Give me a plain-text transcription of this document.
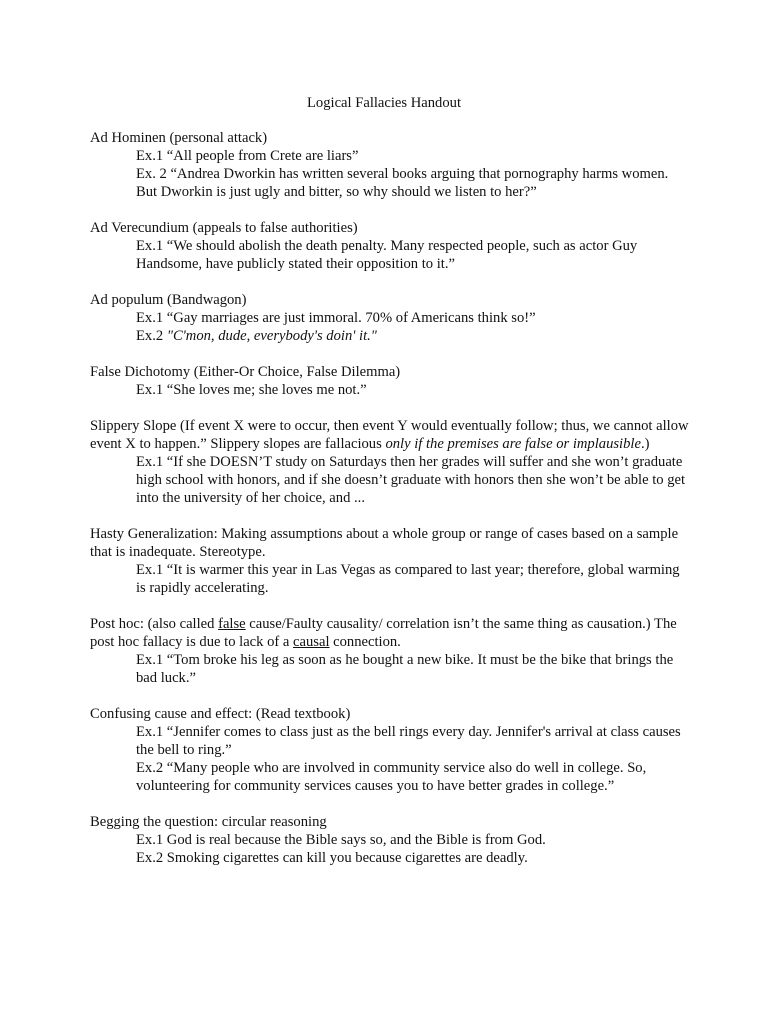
Logical Fallacies Handout
Ad Hominen (personal attack)
Ex.1 “All people from Crete are liars”
Ex. 2 “Andrea Dworkin has written several books arguing that pornography harms women. But Dworkin is just ugly and bitter, so why should we listen to her?”
Ad Verecundium (appeals to false authorities)
Ex.1 “We should abolish the death penalty. Many respected people, such as actor Guy Handsome, have publicly stated their opposition to it.”
Ad populum (Bandwagon)
Ex.1 “Gay marriages are just immoral. 70% of Americans think so!”
Ex.2 "C'mon, dude, everybody's doin' it."
False Dichotomy (Either-Or Choice, False Dilemma)
Ex.1 “She loves me; she loves me not.”
Slippery Slope (If event X were to occur, then event Y would eventually follow; thus, we cannot allow event X to happen.” Slippery slopes are fallacious only if the premises are false or implausible.)
Ex.1 “If she DOESN’T study on Saturdays then her grades will suffer and she won’t graduate high school with honors, and if she doesn’t graduate with honors then she won’t be able to get into the university of her choice, and ...
Hasty Generalization: Making assumptions about a whole group or range of cases based on a sample that is inadequate. Stereotype.
Ex.1 “It is warmer this year in Las Vegas as compared to last year; therefore, global warming is rapidly accelerating.
Post hoc: (also called false cause/Faulty causality/ correlation isn’t the same thing as causation.) The post hoc fallacy is due to lack of a causal connection.
Ex.1 “Tom broke his leg as soon as he bought a new bike. It must be the bike that brings the bad luck.”
Confusing cause and effect: (Read textbook)
Ex.1 “Jennifer comes to class just as the bell rings every day. Jennifer's arrival at class causes the bell to ring.”
Ex.2 “Many people who are involved in community service also do well in college. So, volunteering for community services causes you to have better grades in college.”
Begging the question: circular reasoning
Ex.1 God is real because the Bible says so, and the Bible is from God.
Ex.2 Smoking cigarettes can kill you because cigarettes are deadly.
